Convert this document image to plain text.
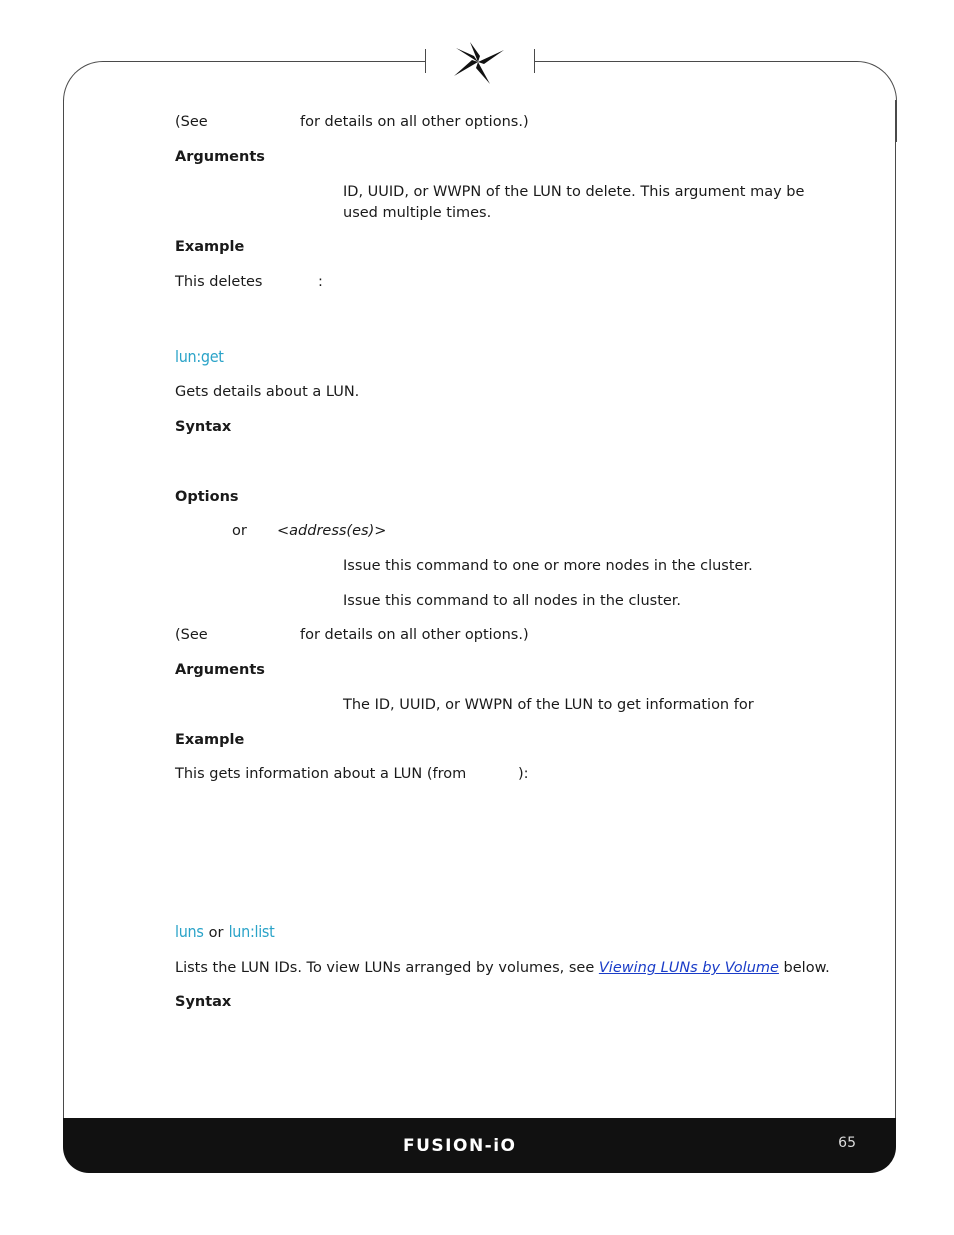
(See	for details on all other options.)
Arguments
ID, UUID, or WWPN of the LUN to delete. This argument may be used multiple times.
Example
This deletes	:
lun:get
Gets details about a LUN.
Syntax
Options
or <address(es)>
Issue this command to one or more nodes in the cluster.
Issue this command to all nodes in the cluster.
(See	for details on all other options.)
Arguments
The ID, UUID, or WWPN of the LUN to get information for
Example
This gets information about a LUN (from	):
luns or lun:list
Lists the LUN IDs. To view LUNs arranged by volumes, see Viewing LUNs by Volume below.
Syntax
FUSION-iO	65
